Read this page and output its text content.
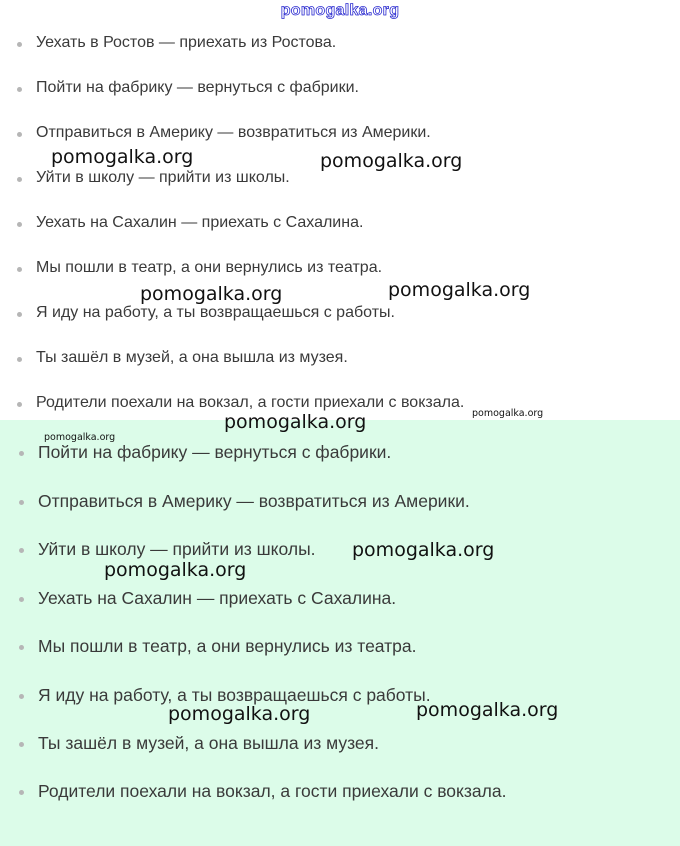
pomogalka.org
Уехать в Ростов — приехать из Ростова.
Пойти на фабрику — вернуться с фабрики.
Отправиться в Америку — возвратиться из Америки.
Уйти в школу — прийти из школы.
Уехать на Сахалин — приехать с Сахалина.
Мы пошли в театр, а они вернулись из театра.
Я иду на работу, а ты возвращаешься с работы.
Ты зашёл в музей, а она вышла из музея.
Родители поехали на вокзал, а гости приехали с вокзала.
Пойти на фабрику — вернуться с фабрики.
Отправиться в Америку — возвратиться из Америки.
Уйти в школу — прийти из школы.
Уехать на Сахалин — приехать с Сахалина.
Мы пошли в театр, а они вернулись из театра.
Я иду на работу, а ты возвращаешься с работы.
Ты зашёл в музей, а она вышла из музея.
Родители поехали на вокзал, а гости приехали с вокзала.
pomogalka.org	pomogalka.org
pomogalka.org	pomogalka.org
pomogalka.org
pomogalka.org
pomogalka.org
pomogalka.org
pomogalka.org
pomogalka.org	pomogalka.org
